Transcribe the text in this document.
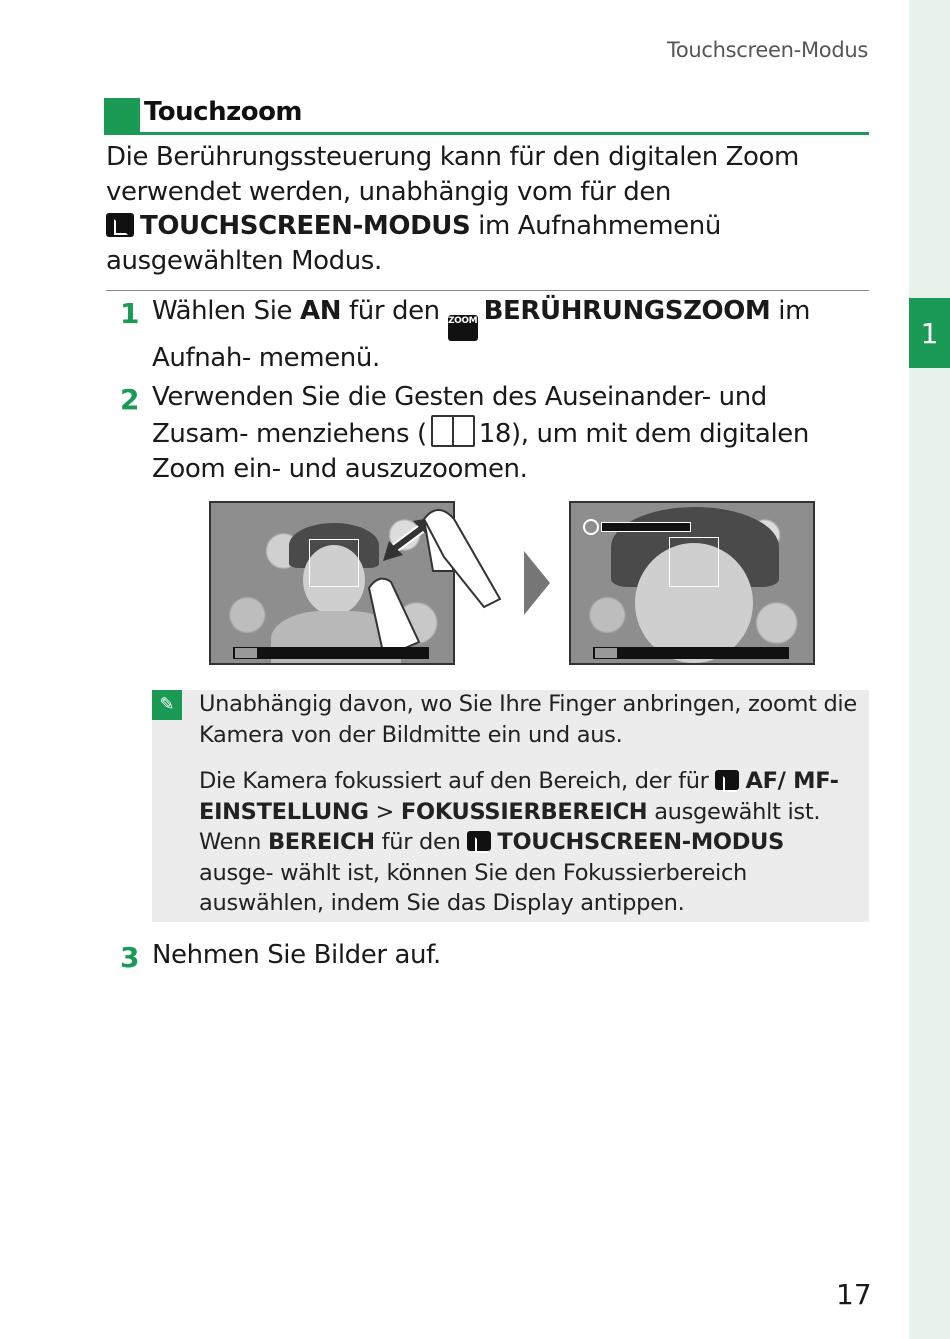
1
Touchscreen-Modus
Touchzoom
Die Berührungssteuerung kann für den digitalen Zoom verwendet werden, unabhängig vom für den
TOUCHSCREEN-MODUS im Aufnahmemenü ausgewählten Modus.
1 Wählen Sie AN für den ZOOM BERÜHRUNGSZOOM im Aufnah- memenü.
2 Verwenden Sie die Gesten des Auseinander- und Zusam- menziehens ( 18), um mit dem digitalen Zoom ein- und auszuzoomen.
✎	Unabhängig davon, wo Sie Ihre Finger anbringen, zoomt die Kamera von der Bildmitte ein und aus.
Die Kamera fokussiert auf den Bereich, der für AF/ MF-EINSTELLUNG > FOKUSSIERBEREICH ausgewählt ist. Wenn BEREICH für den TOUCHSCREEN-MODUS ausge- wählt ist, können Sie den Fokussierbereich auswählen, indem Sie das Display antippen.
3 Nehmen Sie Bilder auf.
17
